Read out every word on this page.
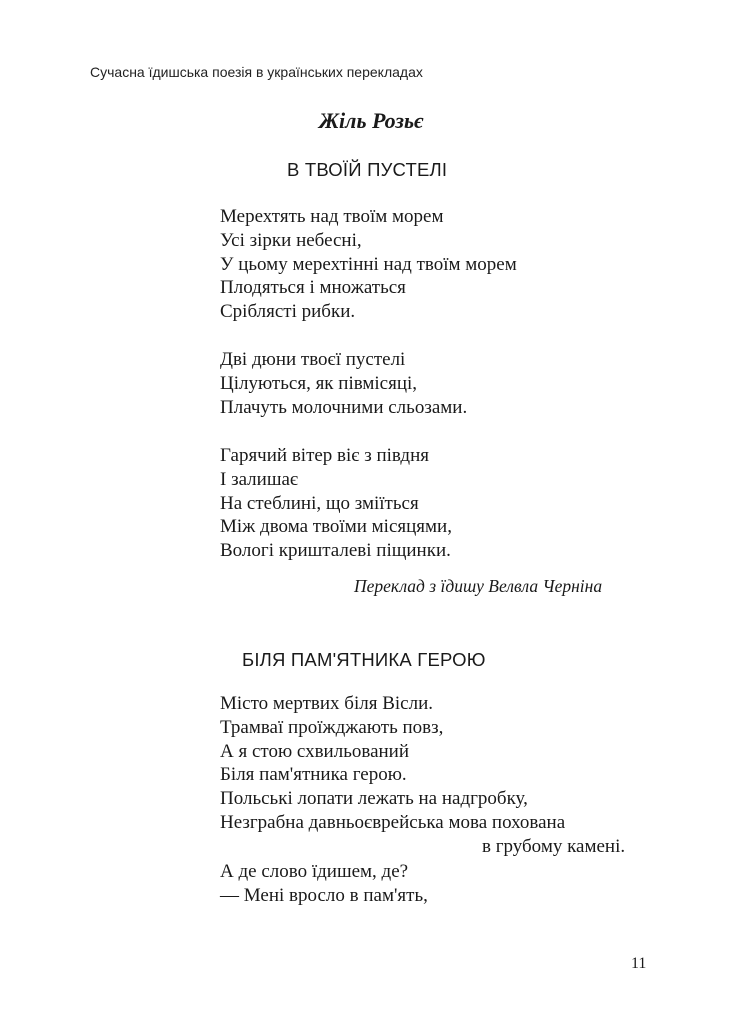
Сучасна їдишська поезія в українських перекладах
Жіль Розьє
В ТВОЇЙ ПУСТЕЛІ
Мерехтять над твоїм морем
Усі зірки небесні,
У цьому мерехтінні над твоїм морем
Плодяться і множаться
Сріблясті рибки.
Дві дюни твоєї пустелі
Цілуються, як півмісяці,
Плачуть молочними сльозами.
Гарячий вітер віє з півдня
І залишає
На стеблині, що зміїться
Між двома твоїми місяцями,
Вологі кришталеві піщинки.
Переклад з їдишу Велвла Черніна
БІЛЯ ПАМ'ЯТНИКА ГЕРОЮ
Місто мертвих біля Вісли.
Трамваї проїжджають повз,
А я стою схвильований
Біля пам'ятника герою.
Польські лопати лежать на надгробку,
Незграбна давньоєврейська мова похована
в грубому камені.
А де слово їдишем, де?
— Мені вросло в пам'ять,
11
